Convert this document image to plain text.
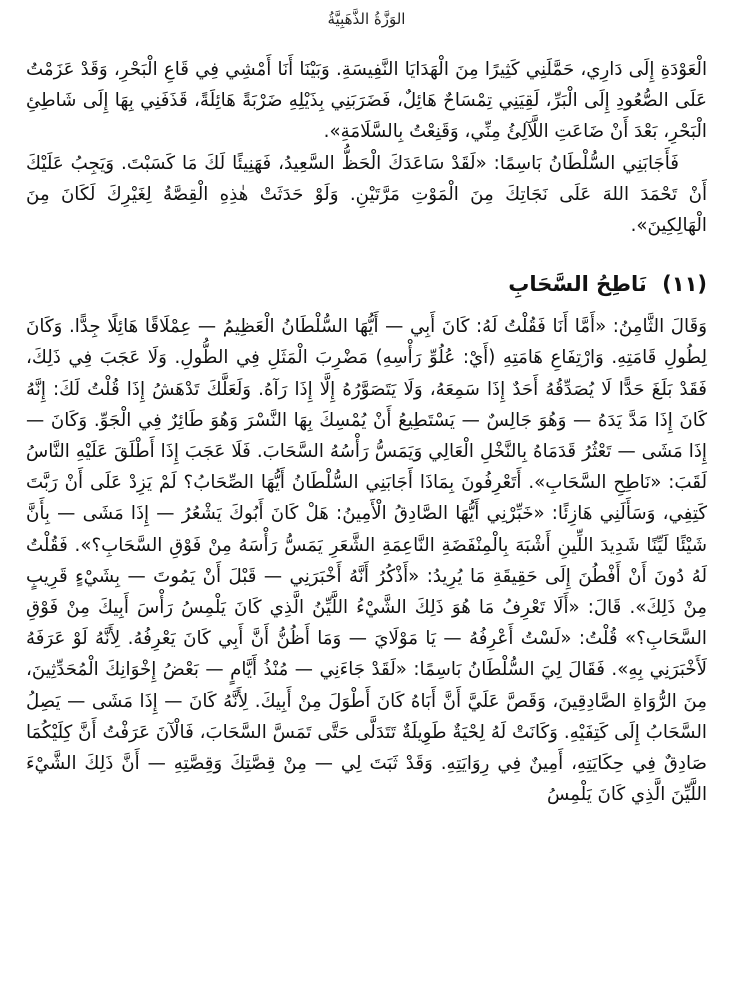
الوَزَّةُ الذَّهَبِيَّةُ

الْعَوْدَةِ إِلَى دَارِي، حَمَّلَنِي كَثِيرًا مِنَ الْهَدَايَا النَّفِيسَةِ. وَبَيْنَا أَنَا أَمْشِي فِي قَاعِ الْبَحْرِ، وَقَدْ عَزَمْتُ عَلَى الصُّعُودِ إِلَى الْبَرِّ، لَقِيَنِي تِمْسَاحٌ هَائِلٌ، فَضَرَبَنِي بِذَيْلِهِ ضَرْبَةً هَائِلَةً، قَذَفَنِي بِهَا إِلَى شَاطِئِ الْبَحْرِ، بَعْدَ أَنْ ضَاعَتِ اللَّآلِئُ مِنِّي، وَقَنِعْتُ بِالسَّلَامَةِ».

فَأَجَابَنِي السُّلْطَانُ بَاسِمًا: «لَقَدْ سَاعَدَكَ الْحَظُّ السَّعِيدُ، فَهَنِيئًا لَكَ مَا كَسَبْتَ. وَيَجِبُ عَلَيْكَ أَنْ تَحْمَدَ اللهَ عَلَى نَجَاتِكَ مِنَ الْمَوْتِ مَرَّتَيْنِ. وَلَوْ حَدَثَتْ هٰذِهِ الْقِصَّةُ لِغَيْرِكَ لَكَانَ مِنَ الْهَالِكِينَ».

(١١) نَاطِحُ السَّحَابِ

وَقَالَ الثَّامِنُ: «أَمَّا أَنَا فَقُلْتُ لَهُ: كَانَ أَبِي — أَيُّهَا السُّلْطَانُ الْعَظِيمُ — عِمْلَاقًا هَائِلًا جِدًّا. وَكَانَ لِطُولِ قَامَتِهِ. وَارْتِفَاعِ هَامَتِهِ (أَيْ: عُلُوِّ رَأْسِهِ) مَضْرِبَ الْمَثَلِ فِي الطُّولِ. وَلَا عَجَبَ فِي ذَلِكَ، فَقَدْ بَلَغَ حَدًّا لَا يُصَدِّقُهُ أَحَدٌ إِذَا سَمِعَهُ، وَلَا يَتَصَوَّرُهُ إِلَّا إِذَا رَآهُ. وَلَعَلَّكَ تَدْهَشُ إِذَا قُلْتُ لَكَ: إِنَّهُ كَانَ إِذَا مَدَّ يَدَهُ — وَهُوَ جَالِسٌ — يَسْتَطِيعُ أَنْ يُمْسِكَ بِهَا النَّسْرَ وَهُوَ طَائِرٌ فِي الْجَوِّ. وَكَانَ — إِذَا مَشَى — تَعْثُرُ قَدَمَاهُ بِالنَّخْلِ الْعَالِي وَيَمَسُّ رَأْسُهُ السَّحَابَ. فَلَا عَجَبَ إِذَا أَطْلَقَ عَلَيْهِ النَّاسُ لَقَبَ: «نَاطِحِ السَّحَابِ». أَتَعْرِفُونَ بِمَاذَا أَجَابَنِي السُّلْطَانُ أَيُّهَا الصِّحَابُ؟ لَمْ يَزِدْ عَلَى أَنْ رَبَّتَ كَتِفِي، وَسَأَلَنِي هَازِئًا: «خَبِّرْنِي أَيُّهَا الصَّادِقُ الْأَمِينُ: هَلْ كَانَ أَبُوكَ يَشْعُرُ — إِذَا مَشَى — بِأَنَّ شَيْئًا لَيِّنًا شَدِيدَ اللِّينِ أَشْبَهَ بِالْمِنْفَضَةِ النَّاعِمَةِ الشَّعَرِ يَمَسُّ رَأْسَهُ مِنْ فَوْقِ السَّحَابِ؟». فَقُلْتُ لَهُ دُونَ أَنْ أَفْطُنَ إِلَى حَقِيقَةِ مَا يُرِيدُ: «أَذْكُرُ أَنَّهُ أَخْبَرَنِي — قَبْلَ أَنْ يَمُوتَ — بِشَيْءٍ قَرِيبٍ مِنْ ذَلِكَ». قَالَ: «أَلَا تَعْرِفُ مَا هُوَ ذَلِكَ الشَّيْءُ اللَّيِّنُ الَّذِي كَانَ يَلْمِسُ رَأْسَ أَبِيكَ مِنْ فَوْقِ السَّحَابِ؟» قُلْتُ: «لَسْتُ أَعْرِفُهُ — يَا مَوْلَايَ — وَمَا أَظُنُّ أَنَّ أَبِي كَانَ يَعْرِفُهُ. لِأَنَّهُ لَوْ عَرَفَهُ لَأَخْبَرَنِي بِهِ». فَقَالَ لِيَ السُّلْطَانُ بَاسِمًا: «لَقَدْ جَاءَنِي — مُنْذُ أَيَّامٍ — بَعْضُ إِخْوَانِكَ الْمُحَدِّثِينَ، مِنَ الرُّوَاةِ الصَّادِقِينَ، وَقَصَّ عَلَيَّ أَنَّ أَبَاهُ كَانَ أَطْوَلَ مِنْ أَبِيكَ. لِأَنَّهُ كَانَ — إِذَا مَشَى — يَصِلُ السَّحَابُ إِلَى كَتِفَيْهِ. وَكَانَتْ لَهُ لِحْيَةٌ طَوِيلَةٌ تَتَدَلَّى حَتَّى تَمَسَّ السَّحَابَ، فَالْآنَ عَرَفْتُ أَنَّ كِلَيْكُمَا صَادِقٌ فِي حِكَايَتِهِ، أَمِينٌ فِي رِوَايَتِهِ. وَقَدْ ثَبَتَ لِي — مِنْ قِصَّتِكَ وَقِصَّتِهِ — أَنَّ ذَلِكَ الشَّيْءَ اللَّيِّنَ الَّذِي كَانَ يَلْمِسُ
